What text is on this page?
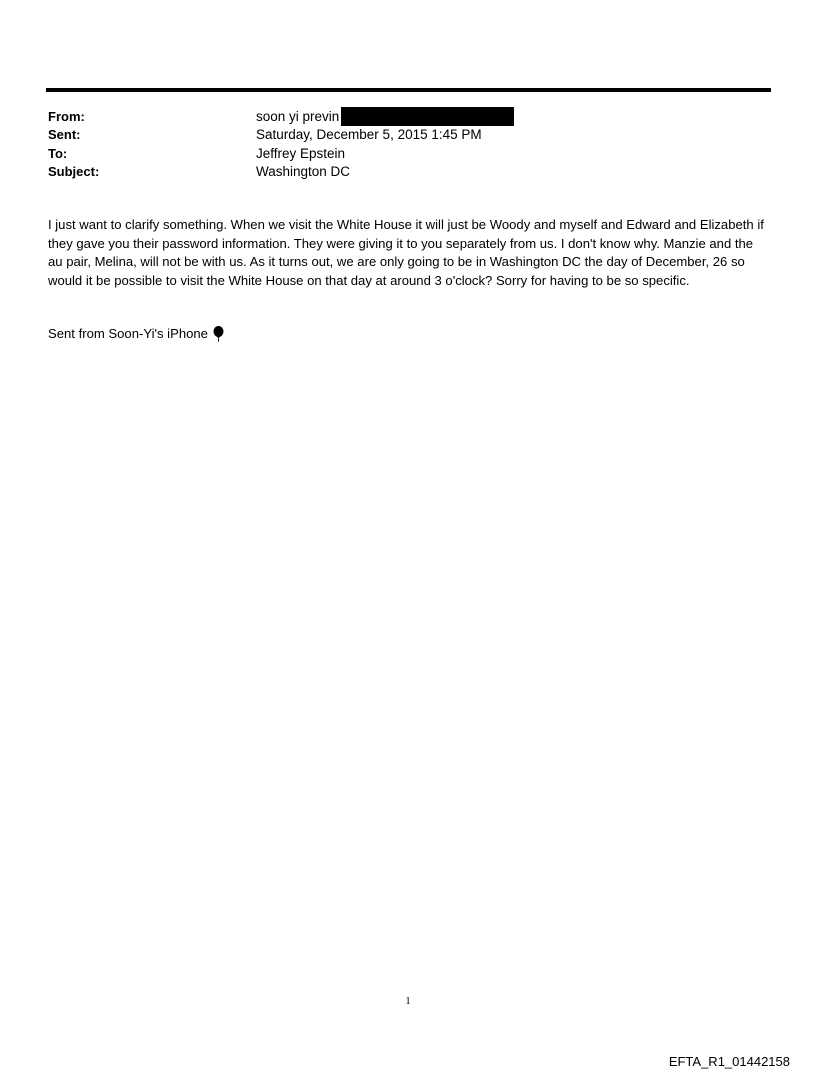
From:	soon yi previn
Sent:	Saturday, December 5, 2015 1:45 PM
To:	Jeffrey Epstein
Subject:	Washington DC

I just want to clarify something. When we visit the White House it will just be Woody and myself and Edward and Elizabeth if they gave you their password information. They were giving it to you separately from us. I don't know why. Manzie and the au pair, Melina, will not be with us. As it turns out, we are only going to be in Washington DC the day of December, 26 so would it be possible to visit the White House on that day at around 3 o'clock? Sorry for having to be so specific.

Sent from Soon-Yi's iPhone

1
EFTA_R1_01442158
